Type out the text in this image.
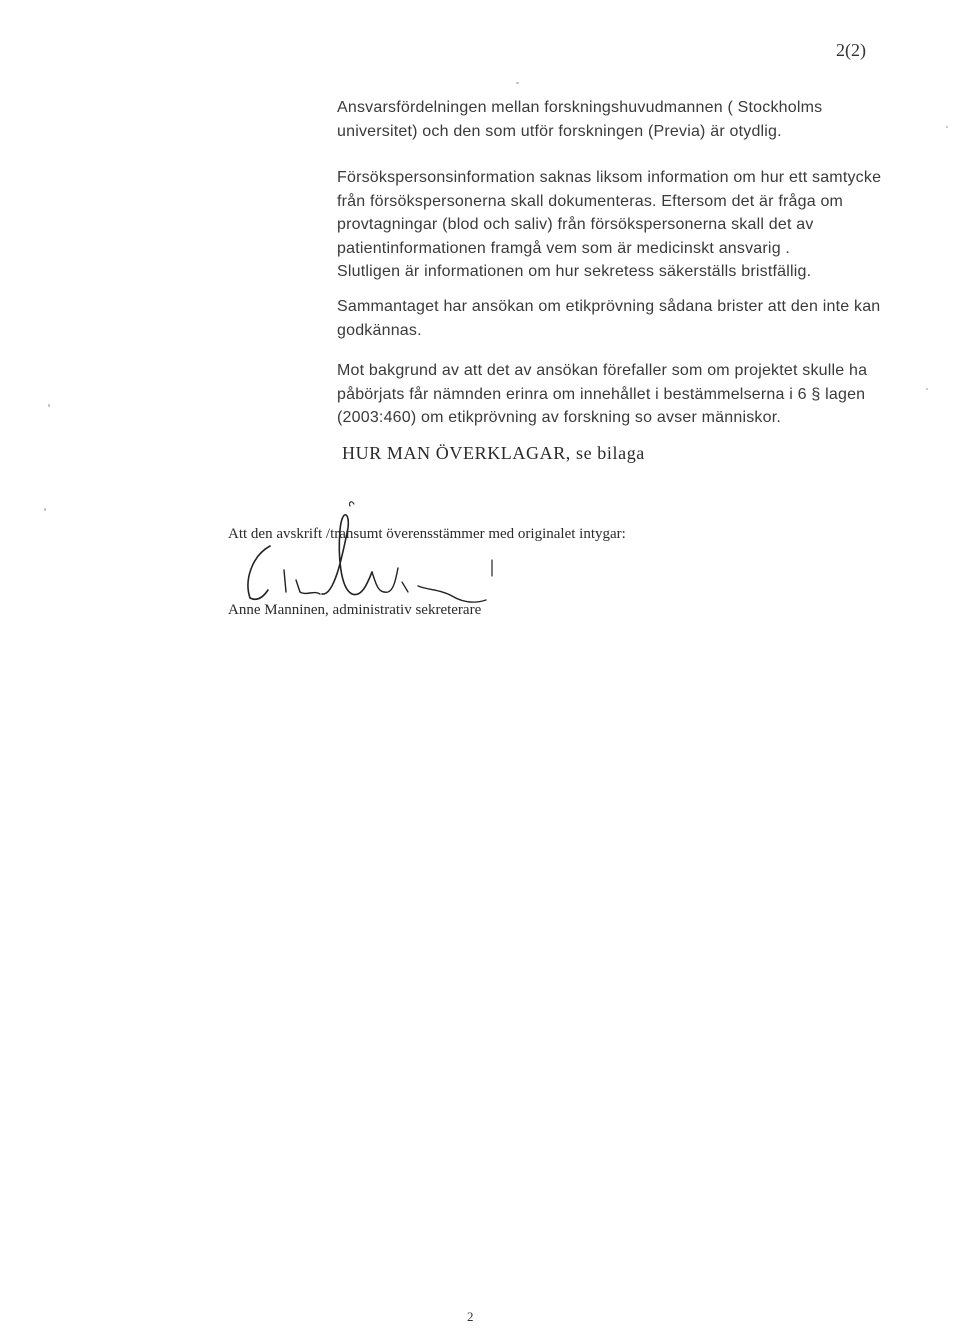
2(2)

Ansvarsfördelningen mellan forskningshuvudmannen ( Stockholms
universitet) och den som utför forskningen (Previa) är otydlig.

Försökspersonsinformation saknas liksom information om hur ett samtycke
från försökspersonerna skall dokumenteras. Eftersom det är fråga om
provtagningar (blod och saliv) från försökspersonerna skall det av
patientinformationen framgå vem som är medicinskt ansvarig .
Slutligen är informationen om hur sekretess säkerställs bristfällig.

Sammantaget har ansökan om etikprövning sådana brister att den inte kan
godkännas.

Mot bakgrund av att det av ansökan förefaller som om projektet skulle ha
påbörjats får nämnden erinra om innehållet i bestämmelserna i 6 § lagen
(2003:460) om etikprövning av forskning so avser människor.

HUR MAN ÖVERKLAGAR, se bilaga
Att den avskrift /transumt överensstämmer med originalet intygar:
Anne Manninen, administrativ sekreterare
2
